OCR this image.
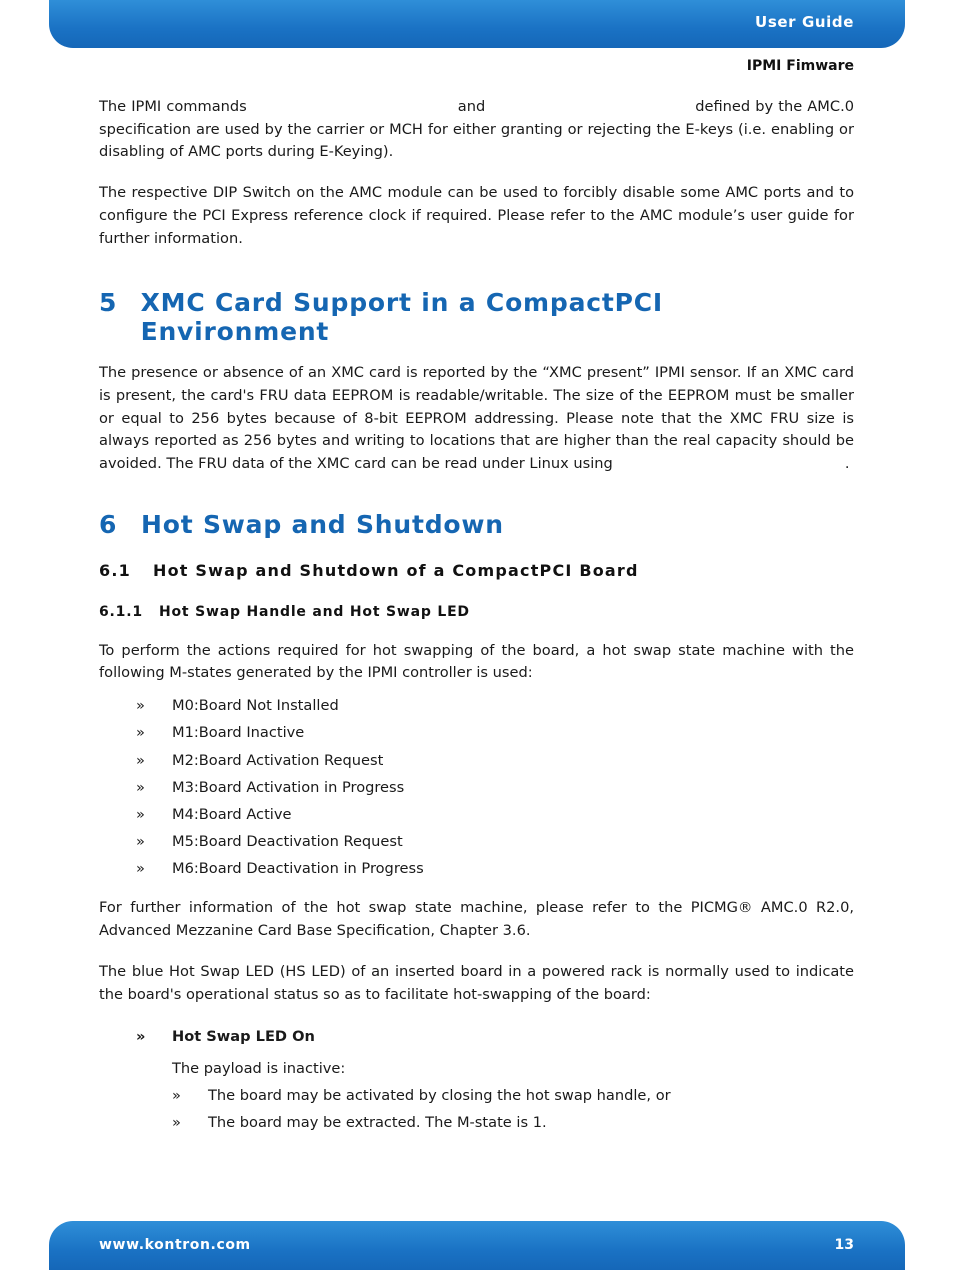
User Guide
IPMI Fimware

The IPMI commands	and	defined by the AMC.0 specification are used by the carrier or MCH for either granting or rejecting the E-keys (i.e. enabling or disabling of AMC ports during E-Keying).

The respective DIP Switch on the AMC module can be used to forcibly disable some AMC ports and to configure the PCI Express reference clock if required. Please refer to the AMC module’s user guide for further information.

5 XMC Card Support in a CompactPCI Environment

The presence or absence of an XMC card is reported by the “XMC present” IPMI sensor. If an XMC card is present, the card's FRU data EEPROM is readable/writable. The size of the EEPROM must be smaller or equal to 256 bytes because of 8-bit EEPROM addressing. Please note that the XMC FRU size is always reported as 256 bytes and writing to locations that are higher than the real capacity should be avoided. The FRU data of the XMC card can be read under Linux using	.

6 Hot Swap and Shutdown
6.1	Hot Swap and Shutdown of a CompactPCI Board
6.1.1	Hot Swap Handle and Hot Swap LED

To perform the actions required for hot swapping of the board, a hot swap state machine with the following M-states generated by the IPMI controller is used:

» M0:Board Not Installed
» M1:Board Inactive
» M2:Board Activation Request
» M3:Board Activation in Progress
» M4:Board Active
» M5:Board Deactivation Request
» M6:Board Deactivation in Progress

For further information of the hot swap state machine, please refer to the PICMG® AMC.0 R2.0, Advanced Mezzanine Card Base Specification, Chapter 3.6.

The blue Hot Swap LED (HS LED) of an inserted board in a powered rack is normally used to indicate the board's operational status so as to facilitate hot-swapping of the board:

» Hot Swap LED On
The payload is inactive:
» The board may be activated by closing the hot swap handle, or
» The board may be extracted. The M-state is 1.
www.kontron.com	13
